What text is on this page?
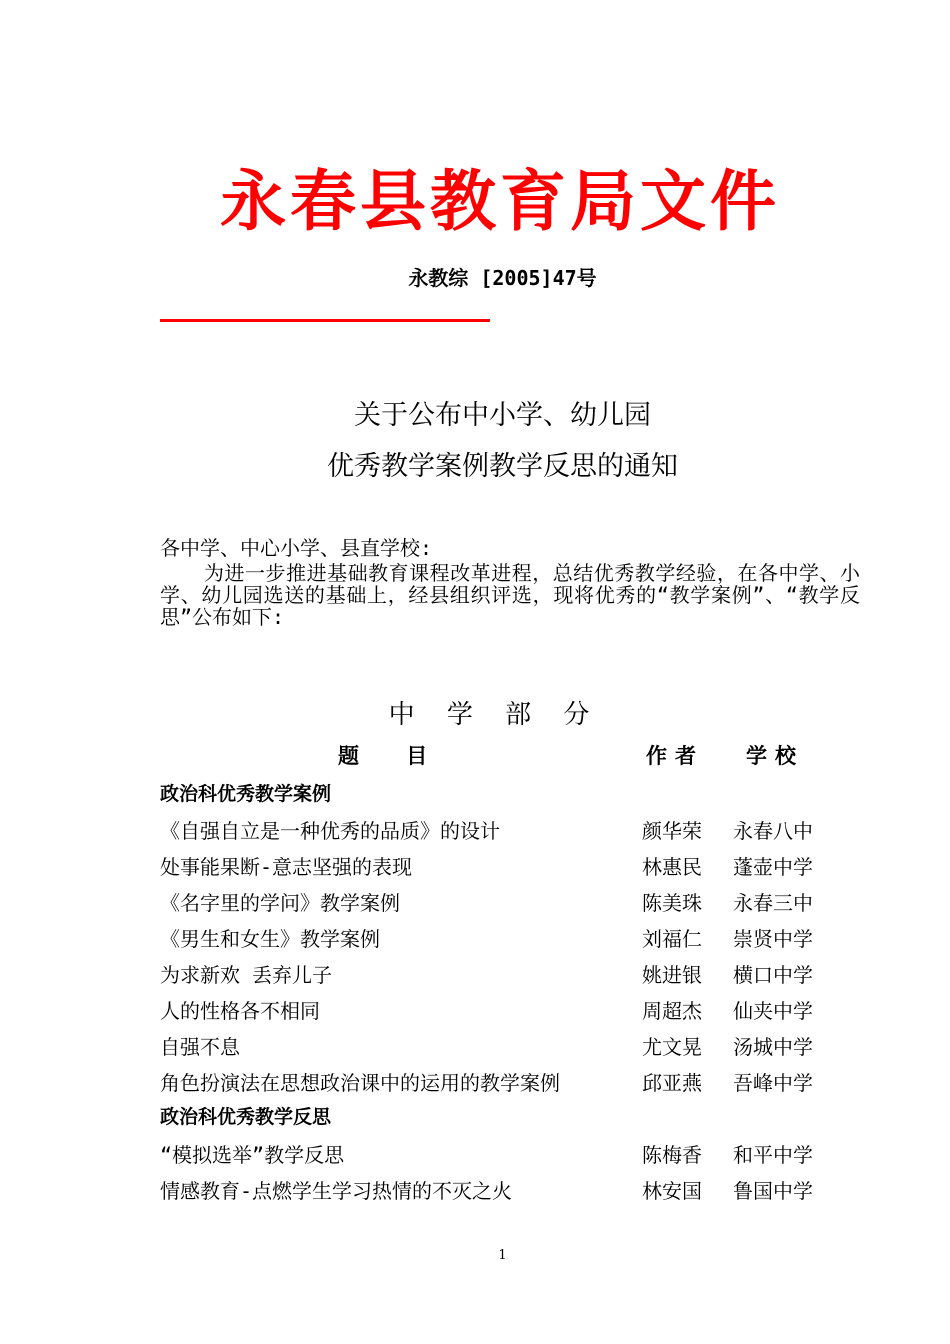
永春县教育局文件
永教综 [2005]47号
关于公布中小学、幼儿园
优秀教学案例教学反思的通知
各中学、中心小学、县直学校:
为进一步推进基础教育课程改革进程，总结优秀教学经验，在各中学、小学、幼儿园选送的基础上，经县组织评选，现将优秀的“教学案例”、“教学反思”公布如下:
中 学 部 分
题 目	作者 学校
政治科优秀教学案例
《自强自立是一种优秀的品质》的设计	颜华荣 永春八中
处事能果断-意志坚强的表现	林惠民 蓬壶中学
《名字里的学问》教学案例	陈美珠 永春三中
《男生和女生》教学案例	刘福仁 崇贤中学
为求新欢 丢弃儿子	姚进银 横口中学
人的性格各不相同	周超杰 仙夹中学
自强不息	尤文晃 汤城中学
角色扮演法在思想政治课中的运用的教学案例	邱亚燕 吾峰中学
政治科优秀教学反思
“模拟选举”教学反思	陈梅香 和平中学
情感教育-点燃学生学习热情的不灭之火	林安国 鲁国中学
1
